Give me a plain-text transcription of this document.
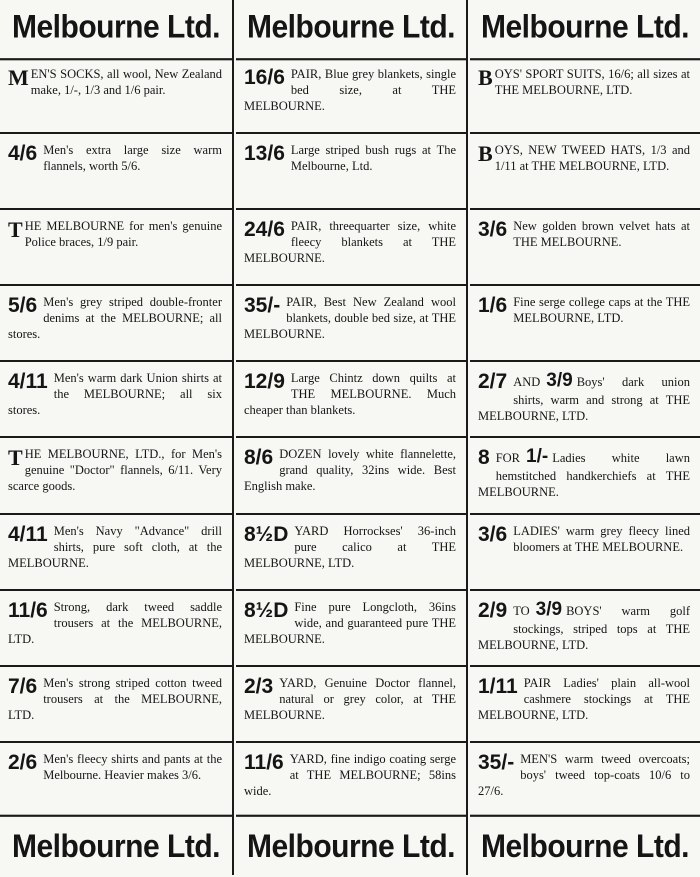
Melbourne Ltd.
MEN'S SOCKS, all wool, New Zealand make, 1/-, 1/3 and 1/6 pair.
4/6 Men's extra large size warm flannels, worth 5/6.
THE MELBOURNE for men's genuine Police braces, 1/9 pair.
5/6 Men's grey striped double-fronter denims at the MELBOURNE; all stores.
4/11 Men's warm dark Union shirts at the MELBOURNE; all six stores.
THE MELBOURNE, LTD., for Men's genuine "Doctor" flannels, 6/11. Very scarce goods.
4/11 Men's Navy "Advance" drill shirts, pure soft cloth, at the MELBOURNE.
11/6 Strong, dark tweed saddle trousers at the MELBOURNE, LTD.
7/6 Men's strong striped cotton tweed trousers at the MELBOURNE, LTD.
2/6 Men's fleecy shirts and pants at the Melbourne. Heavier makes 3/6.
Melbourne Ltd.
Melbourne Ltd.
16/6 PAIR, Blue grey blankets, single bed size, at THE MELBOURNE.
13/6 Large striped bush rugs at The Melbourne, Ltd.
24/6 PAIR, threequarter size, white fleecy blankets at THE MELBOURNE.
35/- PAIR, Best New Zealand wool blankets, double bed size, at THE MELBOURNE.
12/9 Large Chintz down quilts at THE MELBOURNE. Much cheaper than blankets.
8/6 DOZEN lovely white flannelette, grand quality, 32ins wide. Best English make.
8½D YARD Horrockses' 36-inch pure calico at THE MELBOURNE, LTD.
8½D Fine pure Longcloth, 36ins wide, and guaranteed pure THE MELBOURNE.
2/3 YARD, Genuine Doctor flannel, natural or grey color, at THE MELBOURNE.
11/6 YARD, fine indigo coating serge at THE MELBOURNE; 58ins wide.
Melbourne Ltd.
Melbourne Ltd.
BOYS' SPORT SUITS, 16/6; all sizes at THE MELBOURNE, LTD.
BOYS, NEW TWEED HATS, 1/3 and 1/11 at THE MELBOURNE, LTD.
3/6 New golden brown velvet hats at THE MELBOURNE.
1/6 Fine serge college caps at the THE MELBOURNE, LTD.
2/7 AND 3/9 Boys' dark union shirts, warm and strong at THE MELBOURNE, LTD.
8 FOR 1/- Ladies white lawn hemstitched handkerchiefs at THE MELBOURNE.
3/6 LADIES' warm grey fleecy lined bloomers at THE MELBOURNE.
2/9 TO 3/9 BOYS' warm golf stockings, striped tops at THE MELBOURNE, LTD.
1/11 PAIR Ladies' plain all-wool cashmere stockings at THE MELBOURNE, LTD.
35/- MEN'S warm tweed overcoats; boys' tweed top-coats 10/6 to 27/6.
Melbourne Ltd.
